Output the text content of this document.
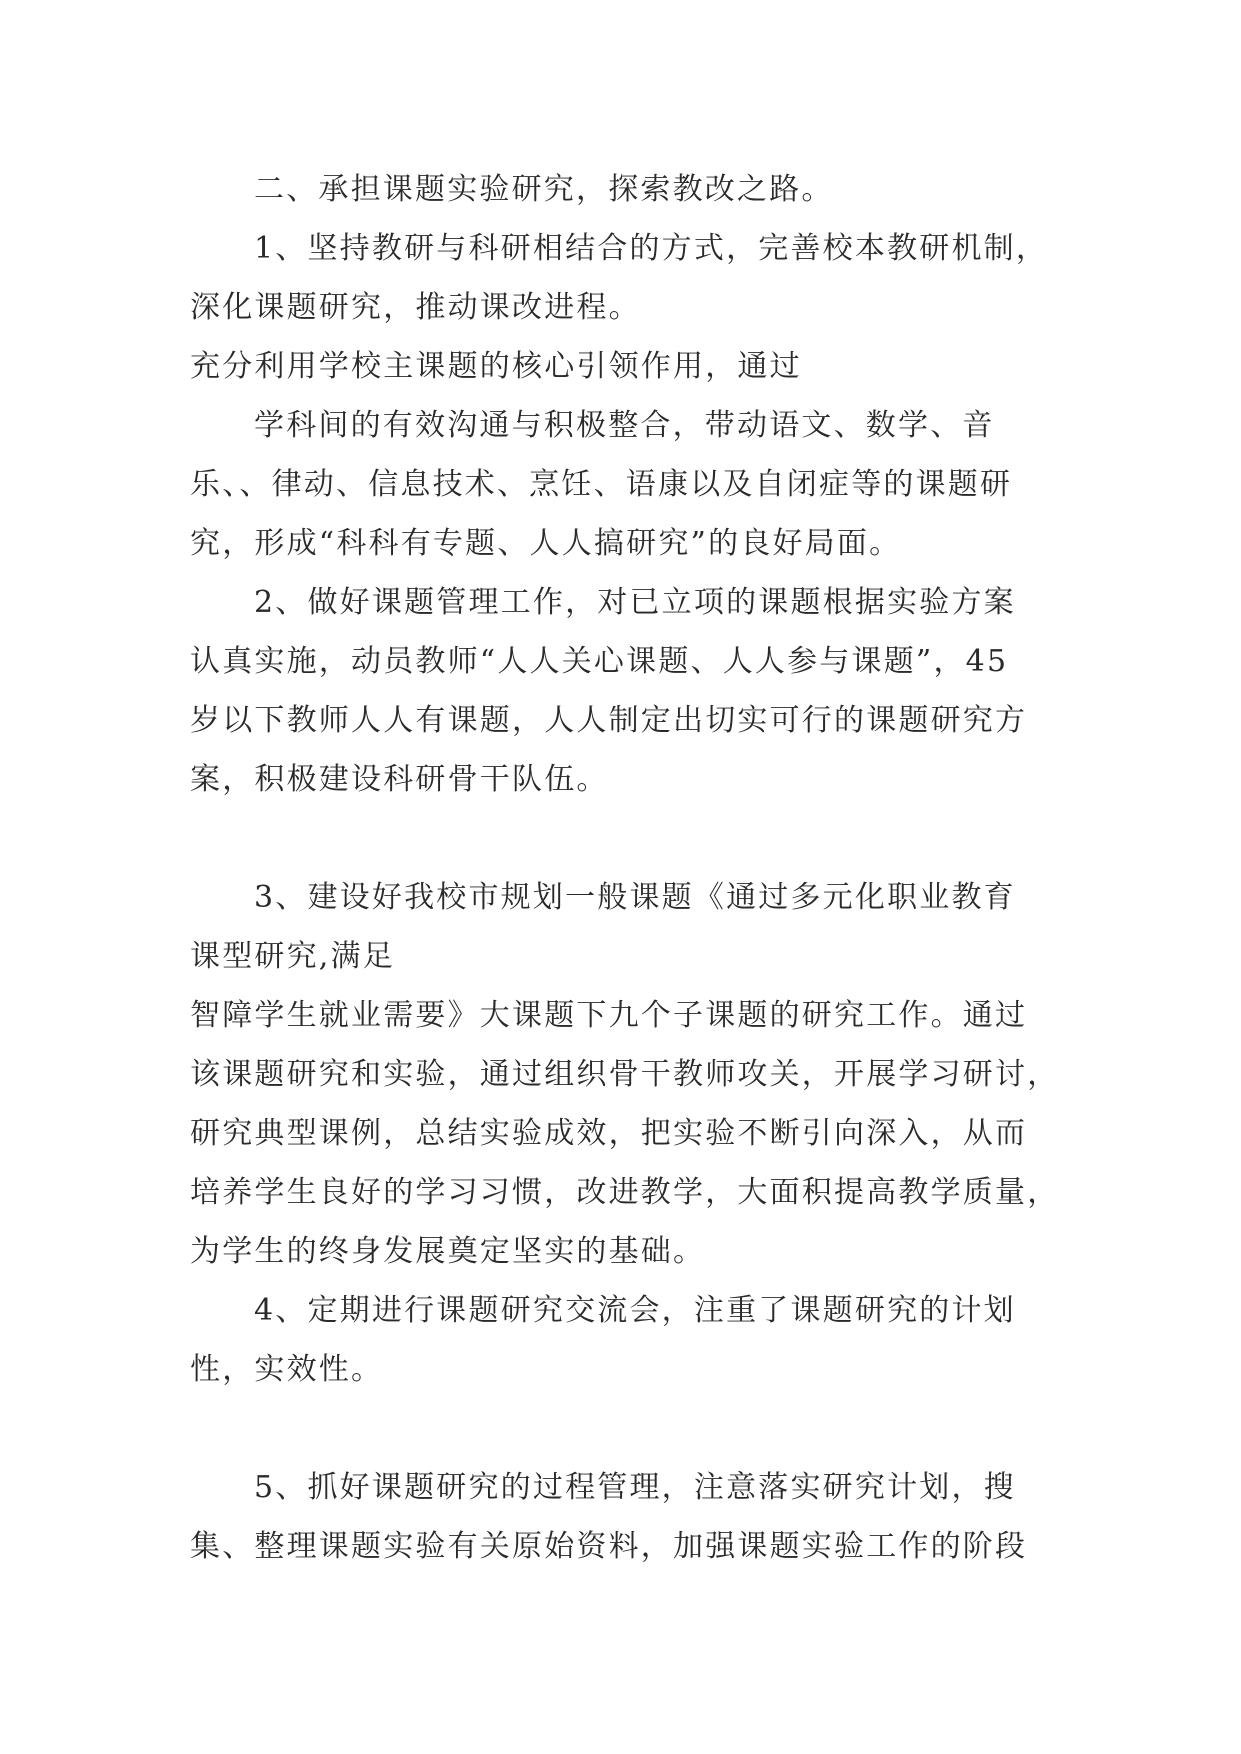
二、承担课题实验研究，探索教改之路。
1、坚持教研与科研相结合的方式，完善校本教研机制，
深化课题研究，推动课改进程。
充分利用学校主课题的核心引领作用，通过
学科间的有效沟通与积极整合，带动语文、数学、音
乐、、律动、信息技术、烹饪、语康以及自闭症等的课题研
究，形成“科科有专题、人人搞研究”的良好局面。
2、做好课题管理工作，对已立项的课题根据实验方案
认真实施，动员教师“人人关心课题、人人参与课题”，45
岁以下教师人人有课题，人人制定出切实可行的课题研究方
案，积极建设科研骨干队伍。
3、建设好我校市规划一般课题《通过多元化职业教育
课型研究,满足
智障学生就业需要》大课题下九个子课题的研究工作。通过
该课题研究和实验，通过组织骨干教师攻关，开展学习研讨，
研究典型课例，总结实验成效，把实验不断引向深入，从而
培养学生良好的学习习惯，改进教学，大面积提高教学质量，
为学生的终身发展奠定坚实的基础。
4、定期进行课题研究交流会，注重了课题研究的计划
性，实效性。
5、抓好课题研究的过程管理，注意落实研究计划，搜
集、整理课题实验有关原始资料，加强课题实验工作的阶段
